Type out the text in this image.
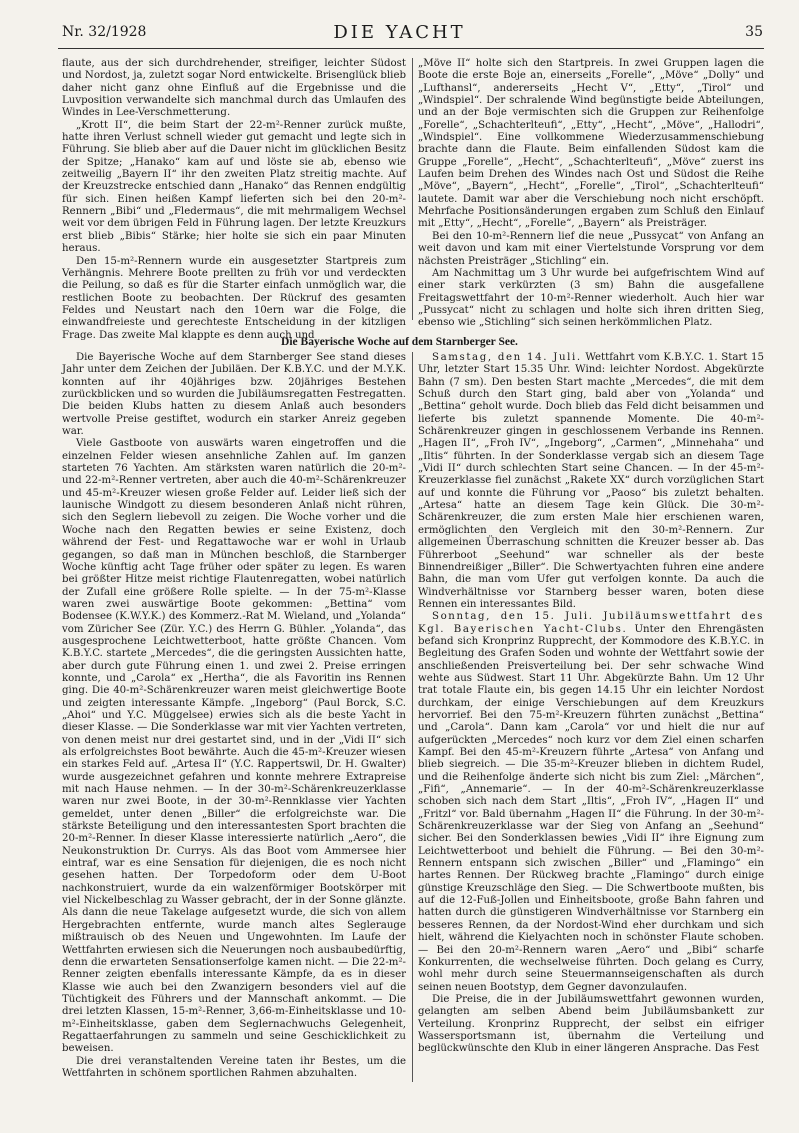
Nr. 32/1928	DIE YACHT	35

flaute, aus der sich durchdrehender, streifiger, leichter Südost und Nordost, ja, zuletzt sogar Nord entwickelte. Brisenglück blieb daher nicht ganz ohne Einfluß auf die Ergebnisse und die Luvposition verwandelte sich manchmal durch das Umlaufen des Windes in Lee-Verschmetterung.

„Krott II“, die beim Start der 22-m²-Renner zurück mußte, hatte ihren Verlust schnell wieder gut gemacht und legte sich in Führung. Sie blieb aber auf die Dauer nicht im glücklichen Besitz der Spitze; „Hanako“ kam auf und löste sie ab, ebenso wie zeitweilig „Bayern II“ ihr den zweiten Platz streitig machte. Auf der Kreuzstrecke entschied dann „Hanako“ das Rennen endgültig für sich. Einen heißen Kampf lieferten sich bei den 20-m²-Rennern „Bibi“ und „Fledermaus“, die mit mehrmaligem Wechsel weit vor dem übrigen Feld in Führung lagen. Der letzte Kreuzkurs erst blieb „Bibis“ Stärke; hier holte sie sich ein paar Minuten heraus.

Den 15-m²-Rennern wurde ein ausgesetzter Startpreis zum Verhängnis. Mehrere Boote prellten zu früh vor und verdeckten die Peilung, so daß es für die Starter einfach unmöglich war, die restlichen Boote zu beobachten. Der Rückruf des gesamten Feldes und Neustart nach den 10ern war die Folge, die einwandfreieste und gerechteste Entscheidung in der kitzligen Frage. Das zweite Mal klappte es denn auch und

„Möve II“ holte sich den Startpreis. In zwei Gruppen lagen die Boote die erste Boje an, einerseits „Forelle“, „Möve“ „Dolly“ und „Lufthansl“, andererseits „Hecht V“, „Etty“, „Tirol“ und „Windspiel“. Der schralende Wind begünstigte beide Abteilungen, und an der Boje vermischten sich die Gruppen zur Reihenfolge „Forelle“, „Schachterlteufi“, „Etty“, „Hecht“, „Möve“, „Hallodri“, „Windspiel“. Eine vollkommene Wiederzusammenschiebung brachte dann die Flaute. Beim einfallenden Südost kam die Gruppe „Forelle“, „Hecht“, „Schachterlteufi“, „Möve“ zuerst ins Laufen beim Drehen des Windes nach Ost und Südost die Reihe „Möve“, „Bayern“, „Hecht“, „Forelle“, „Tirol“, „Schachterlteufi“ lautete. Damit war aber die Verschiebung noch nicht erschöpft. Mehrfache Positionsänderungen ergaben zum Schluß den Einlauf mit „Etty“, „Hecht“, „Forelle“, „Bayern“ als Preisträger.

Bei den 10-m²-Rennern lief die neue „Pussycat“ von Anfang an weit davon und kam mit einer Viertelstunde Vorsprung vor dem nächsten Preisträger „Stichling“ ein.

Am Nachmittag um 3 Uhr wurde bei aufgefrischtem Wind auf einer stark verkürzten (3 sm) Bahn die ausgefallene Freitagswettfahrt der 10-m²-Renner wiederholt. Auch hier war „Pussycat“ nicht zu schlagen und holte sich ihren dritten Sieg, ebenso wie „Stichling“ sich seinen herkömmlichen Platz.

Die Bayerische Woche auf dem Starnberger See.

Die Bayerische Woche auf dem Starnberger See stand dieses Jahr unter dem Zeichen der Jubiläen. Der K.B.Y.C. und der M.Y.K. konnten auf ihr 40jähriges bzw. 20jähriges Bestehen zurückblicken und so wurden die Jubiläumsregatten Festregatten. Die beiden Klubs hatten zu diesem Anlaß auch besonders wertvolle Preise gestiftet, wodurch ein starker Anreiz gegeben war.

Viele Gastboote von auswärts waren eingetroffen und die einzelnen Felder wiesen ansehnliche Zahlen auf. Im ganzen starteten 76 Yachten. Am stärksten waren natürlich die 20-m²- und 22-m²-Renner vertreten, aber auch die 40-m²-Schärenkreuzer und 45-m²-Kreuzer wiesen große Felder auf. Leider ließ sich der launische Windgott zu diesem besonderen Anlaß nicht rühren, sich den Seglern liebevoll zu zeigen. Die Woche vorher und die Woche nach den Regatten bewies er seine Existenz, doch während der Fest- und Regattawoche war er wohl in Urlaub gegangen, so daß man in München beschloß, die Starnberger Woche künftig acht Tage früher oder später zu legen. Es waren bei größter Hitze meist richtige Flautenregatten, wobei natürlich der Zufall eine größere Rolle spielte. — In der 75-m²-Klasse waren zwei auswärtige Boote gekommen: „Bettina“ vom Bodensee (K.W.Y.K.) des Kommerz.-Rat M. Wieland, und „Yolanda“ vom Züricher See (Zür. Y.C.) des Herrn G. Bühler. „Yolanda“, das ausgesprochene Leichtwetterboot, hatte größte Chancen. Vom K.B.Y.C. startete „Mercedes“, die die geringsten Aussichten hatte, aber durch gute Führung einen 1. und zwei 2. Preise erringen konnte, und „Carola“ ex „Hertha“, die als Favoritin ins Rennen ging. Die 40-m²-Schärenkreuzer waren meist gleichwertige Boote und zeigten interessante Kämpfe. „Ingeborg“ (Paul Borck, S.C. „Ahoi“ und Y.C. Müggelsee) erwies sich als die beste Yacht in dieser Klasse. — Die Sonderklasse war mit vier Yachten vertreten, von denen meist nur drei gestartet sind, und in der „Vidi II“ sich als erfolgreichstes Boot bewährte. Auch die 45-m²-Kreuzer wiesen ein starkes Feld auf. „Artesa II“ (Y.C. Rappertswil, Dr. H. Gwalter) wurde ausgezeichnet gefahren und konnte mehrere Extrapreise mit nach Hause nehmen. — In der 30-m²-Schärenkreuzerklasse waren nur zwei Boote, in der 30-m²-Rennklasse vier Yachten gemeldet, unter denen „Biller“ die erfolgreichste war. Die stärkste Beteiligung und den interessantesten Sport brachten die 20-m²-Renner. In dieser Klasse interessierte natürlich „Aero“, die Neukonstruktion Dr. Currys. Als das Boot vom Ammersee hier eintraf, war es eine Sensation für diejenigen, die es noch nicht gesehen hatten. Der Torpedoform oder dem U-Boot nachkonstruiert, wurde da ein walzenförmiger Bootskörper mit viel Nickelbeschlag zu Wasser gebracht, der in der Sonne glänzte. Als dann die neue Takelage aufgesetzt wurde, die sich von allem Hergebrachten entfernte, wurde manch altes Seglerauge mißtrauisch ob des Neuen und Ungewohnten. Im Laufe der Wettfahrten erwiesen sich die Neuerungen noch ausbaubedürftig, denn die erwarteten Sensationserfolge kamen nicht. — Die 22-m²-Renner zeigten ebenfalls interessante Kämpfe, da es in dieser Klasse wie auch bei den Zwanzigern besonders viel auf die Tüchtigkeit des Führers und der Mannschaft ankommt. — Die drei letzten Klassen, 15-m²-Renner, 3,66-m-Einheitsklasse und 10-m²-Einheitsklasse, gaben dem Seglernachwuchs Gelegenheit, Regattaerfahrungen zu sammeln und seine Geschicklichkeit zu beweisen.

Die drei veranstaltenden Vereine taten ihr Bestes, um die Wettfahrten in schönem sportlichen Rahmen abzuhalten.

Samstag, den 14. Juli. Wettfahrt vom K.B.Y.C. 1. Start 15 Uhr, letzter Start 15.35 Uhr. Wind: leichter Nordost. Abgekürzte Bahn (7 sm). Den besten Start machte „Mercedes“, die mit dem Schuß durch den Start ging, bald aber von „Yolanda“ und „Bettina“ geholt wurde. Doch blieb das Feld dicht beisammen und lieferte bis zuletzt spannende Momente. Die 40-m²-Schärenkreuzer gingen in geschlossenem Verbande ins Rennen. „Hagen II“, „Froh IV“, „Ingeborg“, „Carmen“, „Minnehaha“ und „Iltis“ führten. In der Sonderklasse vergab sich an diesem Tage „Vidi II“ durch schlechten Start seine Chancen. — In der 45-m²-Kreuzerklasse fiel zunächst „Rakete XX“ durch vorzüglichen Start auf und konnte die Führung vor „Paoso“ bis zuletzt behalten. „Artesa“ hatte an diesem Tage kein Glück. Die 30-m²-Schärenkreuzer, die zum ersten Male hier erschienen waren, ermöglichten den Vergleich mit den 30-m²-Rennern. Zur allgemeinen Überraschung schnitten die Kreuzer besser ab. Das Führerboot „Seehund“ war schneller als der beste Binnendreißiger „Biller“. Die Schwertyachten fuhren eine andere Bahn, die man vom Ufer gut verfolgen konnte. Da auch die Windverhältnisse vor Starnberg besser waren, boten diese Rennen ein interessantes Bild.

Sonntag, den 15. Juli. Jubiläumswettfahrt des Kgl. Bayerischen Yacht-Clubs. Unter den Ehrengästen befand sich Kronprinz Rupprecht, der Kommodore des K.B.Y.C. in Begleitung des Grafen Soden und wohnte der Wettfahrt sowie der anschließenden Preisverteilung bei. Der sehr schwache Wind wehte aus Südwest. Start 11 Uhr. Abgekürzte Bahn. Um 12 Uhr trat totale Flaute ein, bis gegen 14.15 Uhr ein leichter Nordost durchkam, der einige Verschiebungen auf dem Kreuzkurs hervorrief. Bei den 75-m²-Kreuzern führten zunächst „Bettina“ und „Carola“. Dann kam „Carola“ vor und hielt die nur auf aufgerückten „Mercedes“ noch kurz vor dem Ziel einen scharfen Kampf. Bei den 45-m²-Kreuzern führte „Artesa“ von Anfang und blieb siegreich. — Die 35-m²-Kreuzer blieben in dichtem Rudel, und die Reihenfolge änderte sich nicht bis zum Ziel: „Märchen“, „Fifi“, „Annemarie“. — In der 40-m²-Schärenkreuzerklasse schoben sich nach dem Start „Iltis“, „Froh IV“, „Hagen II“ und „Fritzl“ vor. Bald übernahm „Hagen II“ die Führung. In der 30-m²-Schärenkreuzerklasse war der Sieg von Anfang an „Seehund“ sicher. Bei den Sonderklassen bewies „Vidi II“ ihre Eignung zum Leichtwetterboot und behielt die Führung. — Bei den 30-m²-Rennern entspann sich zwischen „Biller“ und „Flamingo“ ein hartes Rennen. Der Rückweg brachte „Flamingo“ durch einige günstige Kreuzschläge den Sieg. — Die Schwertboote mußten, bis auf die 12-Fuß-Jollen und Einheitsboote, große Bahn fahren und hatten durch die günstigeren Windverhältnisse vor Starnberg ein besseres Rennen, da der Nordost-Wind eher durchkam und sich hielt, während die Kielyachten noch in schönster Flaute schoben. — Bei den 20-m²-Rennern waren „Aero“ und „Bibi“ scharfe Konkurrenten, die wechselweise führten. Doch gelang es Curry, wohl mehr durch seine Steuermannseigenschaften als durch seinen neuen Bootstyp, dem Gegner davonzulaufen.

Die Preise, die in der Jubiläumswettfahrt gewonnen wurden, gelangten am selben Abend beim Jubiläumsbankett zur Verteilung. Kronprinz Rupprecht, der selbst ein eifriger Wassersportsmann ist, übernahm die Verteilung und beglückwünschte den Klub in einer längeren Ansprache. Das Fest
